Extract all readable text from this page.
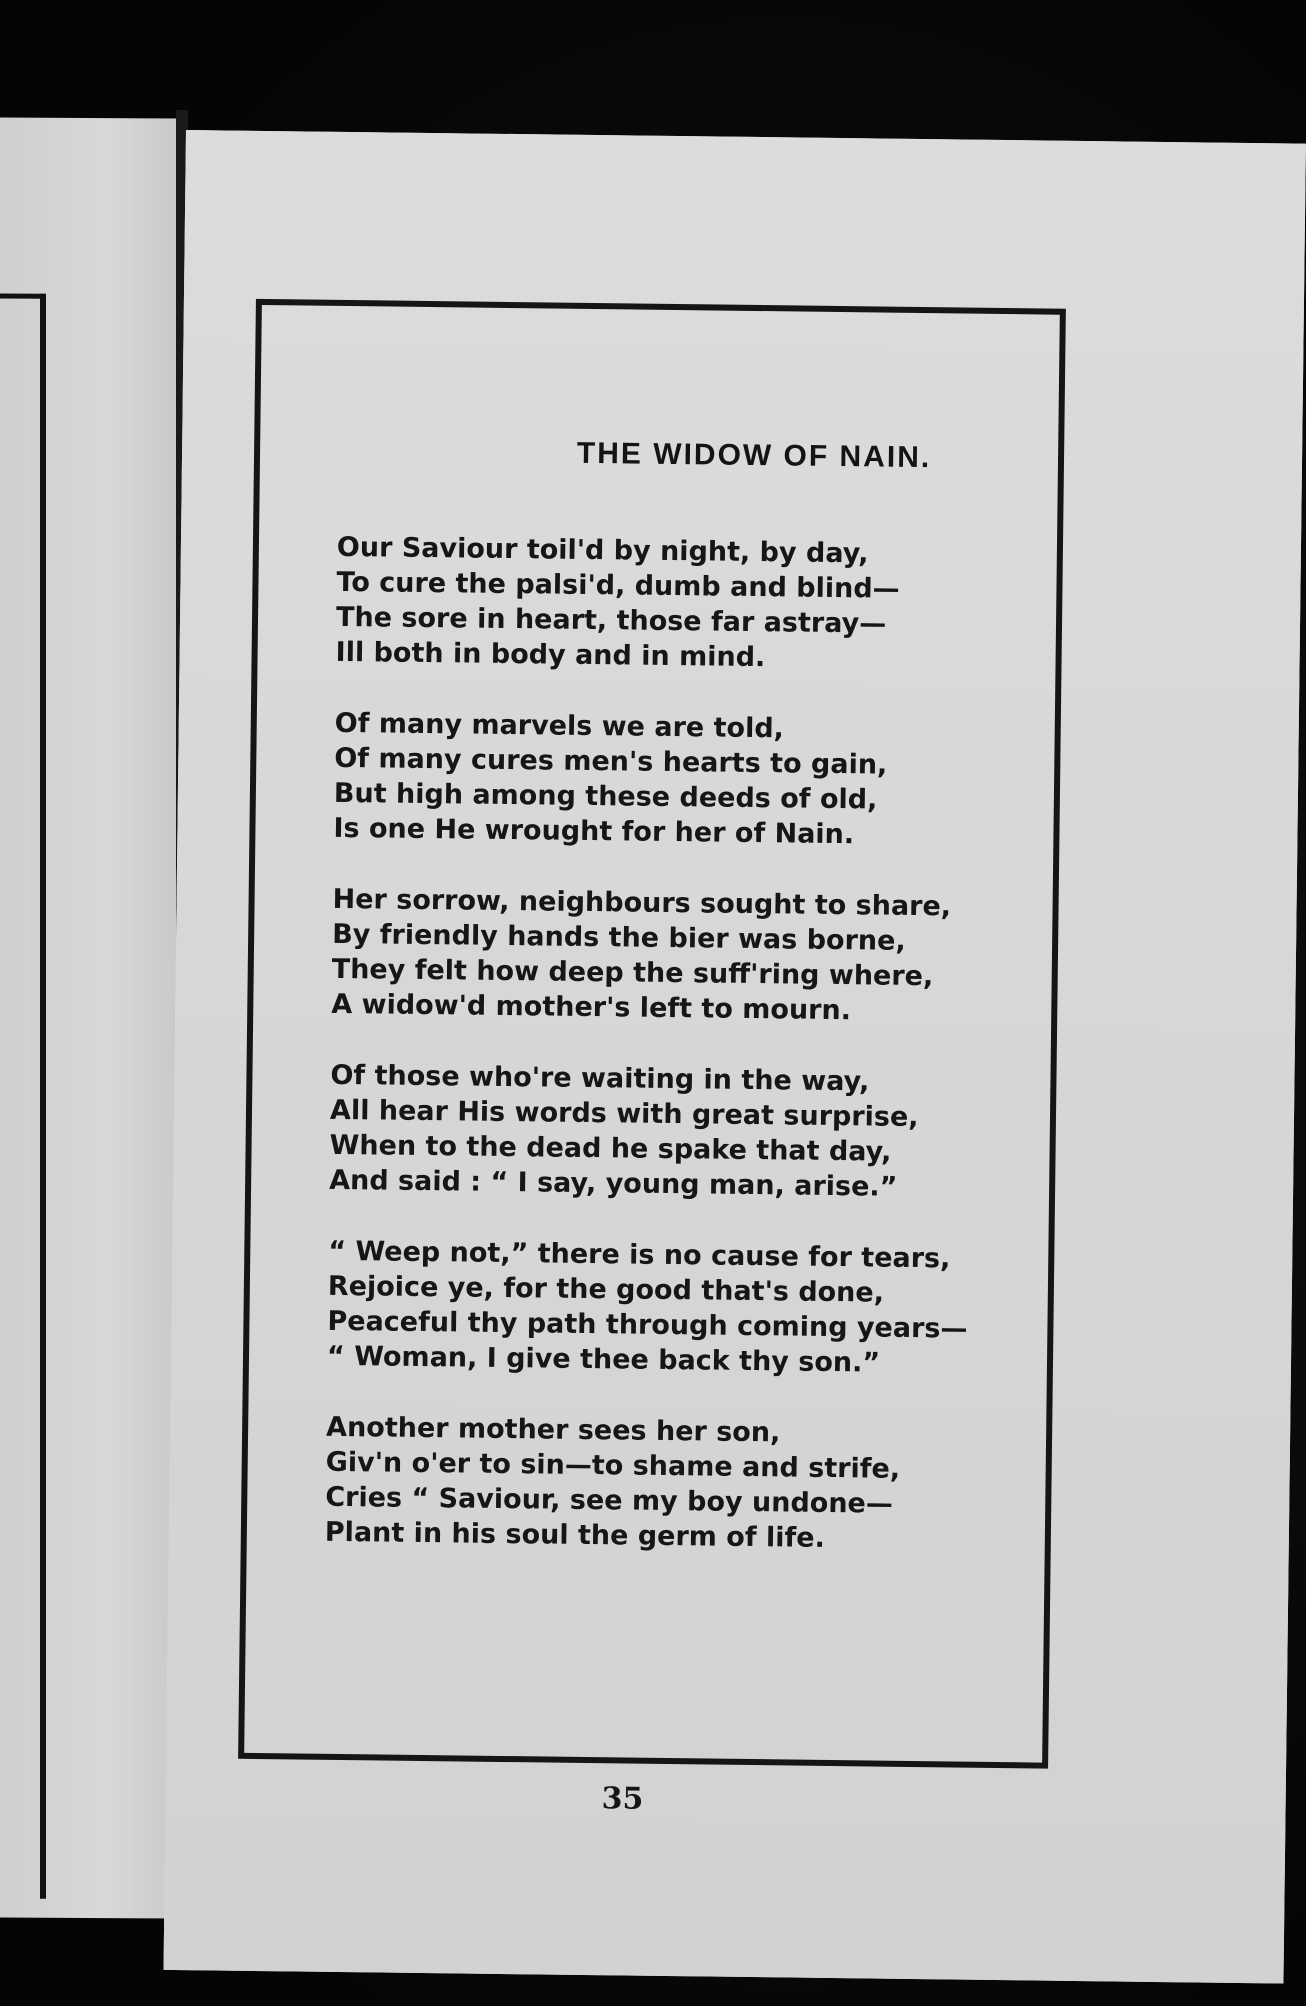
THE WIDOW OF NAIN.
Our Saviour toil'd by night, by day,
To cure the palsi'd, dumb and blind—
The sore in heart, those far astray—
Ill both in body and in mind.
Of many marvels we are told,
Of many cures men's hearts to gain,
But high among these deeds of old,
Is one He wrought for her of Nain.
Her sorrow, neighbours sought to share,
By friendly hands the bier was borne,
They felt how deep the suff'ring where,
A widow'd mother's left to mourn.
Of those who're waiting in the way,
All hear His words with great surprise,
When to the dead he spake that day,
And said : “ I say, young man, arise.”
“ Weep not,” there is no cause for tears,
Rejoice ye, for the good that's done,
Peaceful thy path through coming years—
“ Woman, I give thee back thy son.”
Another mother sees her son,
Giv'n o'er to sin—to shame and strife,
Cries “ Saviour, see my boy undone—
Plant in his soul the germ of life.
35
